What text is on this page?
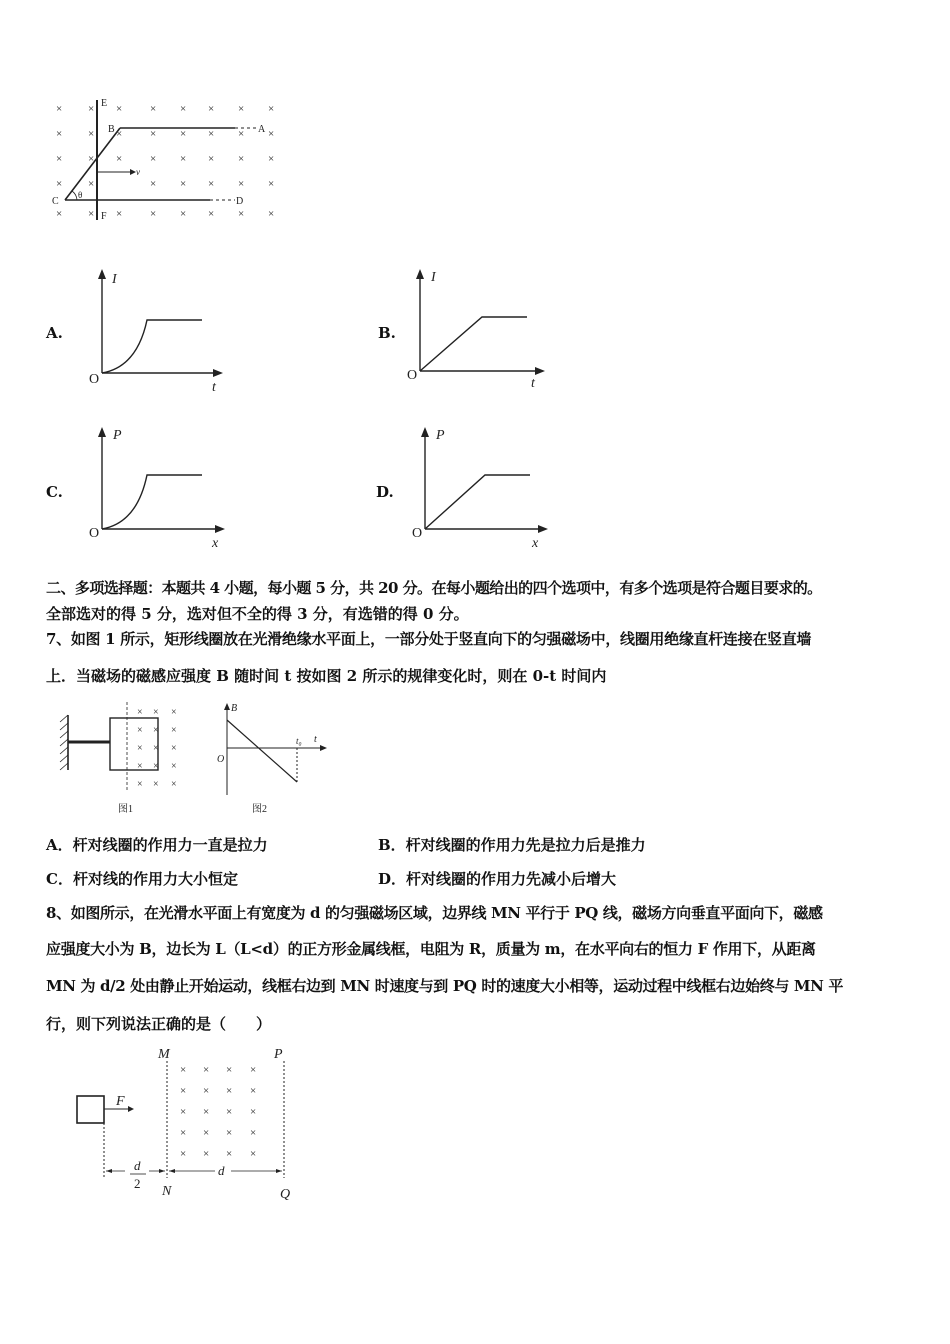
× × ×	× × × × ×
× × ×	× × × × ×
× × ×	× × × × ×
× ×	× × × × ×
× × ×	× × × × ×
E
F
A
B
C	D
θ
v
A.
I
t
O
B.
I
t
O
C.
P
x
O
D.
P
x
O
二、多项选择题：本题共 4 小题，每小题 5 分，共 20 分。在每小题给出的四个选项中，有多个选项是符合题目要求的。
全部选对的得 5 分，选对但不全的得 3 分，有选错的得 0 分。
7、如图 1 所示，矩形线圈放在光滑绝缘水平面上，一部分处于竖直向下的匀强磁场中，线圈用绝缘直杆连接在竖直墙
上．当磁场的磁感应强度 B 随时间 t 按如图 2 所示的规律变化时，则在 0-t 时间内
× × ×
× × ×
× × ×
× × ×
× × ×
图1
B
O
t₀ t
图2
A．杆对线圈的作用力一直是拉力	B．杆对线圈的作用力先是拉力后是推力
C．杆对线的作用力大小恒定	D．杆对线圈的作用力先减小后增大
8、如图所示，在光滑水平面上有宽度为 d 的匀强磁场区域，边界线 MN 平行于 PQ 线，磁场方向垂直平面向下，磁感
应强度大小为 B，边长为 L（L<d）的正方形金属线框，电阻为 R，质量为 m，在水平向右的恒力 F 作用下，从距离
MN 为 d/2 处由静止开始运动，线框右边到 MN 时速度与到 PQ 时的速度大小相等，运动过程中线框右边始终与 MN 平
行，则下列说法正确的是（　　）
× × × ×
× × × ×
× × × ×
× × × ×
× × × ×
M	P
N	Q
F
d
2
d
